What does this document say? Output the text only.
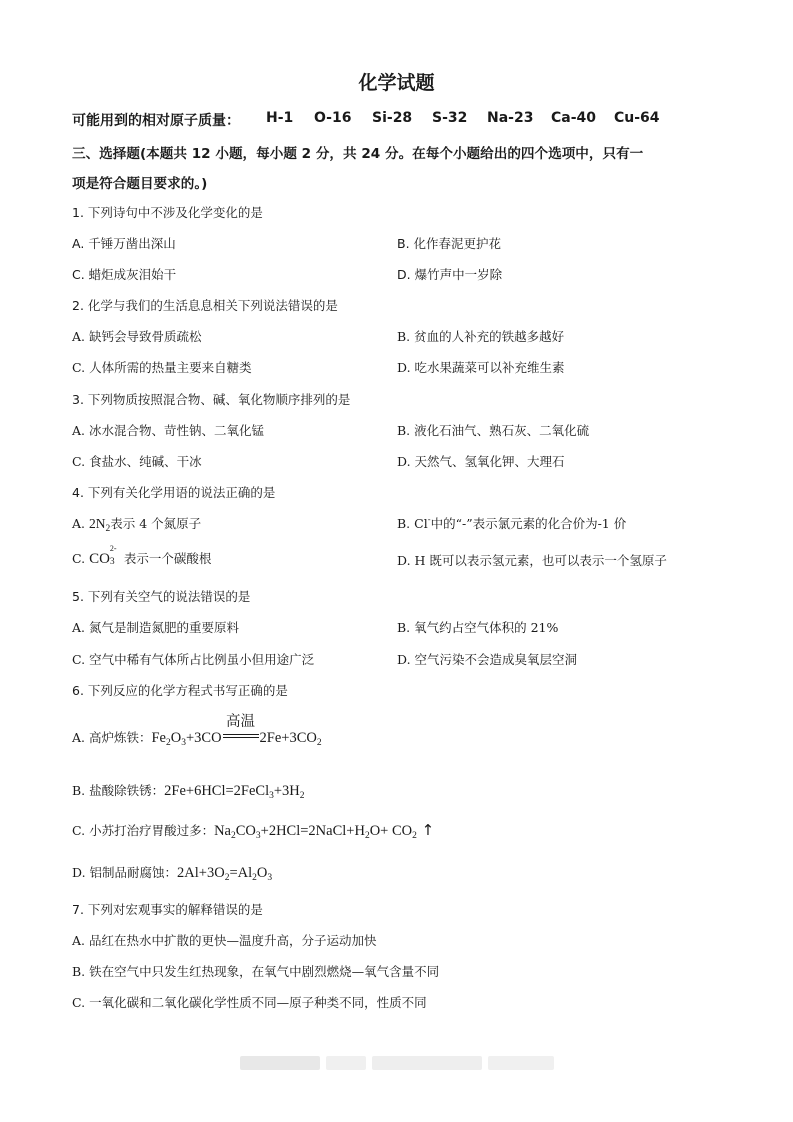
化学试题
可能用到的相对原子质量： H-1 O-16 Si-28 S-32 Na-23 Ca-40 Cu-64
三、选择题(本题共 12 小题，每小题 2 分，共 24 分。在每个小题给出的四个选项中，只有一
项是符合题目要求的。)
1. 下列诗句中不涉及化学变化的是
A. 千锤万凿出深山	B. 化作春泥更护花
C. 蜡炬成灰泪始干	D. 爆竹声中一岁除
2. 化学与我们的生活息息相关下列说法错误的是
A. 缺钙会导致骨质疏松	B. 贫血的人补充的铁越多越好
C. 人体所需的热量主要来自糖类	D. 吃水果蔬菜可以补充维生素
3. 下列物质按照混合物、碱、氧化物顺序排列的是
A. 冰水混合物、苛性钠、二氧化锰	B. 液化石油气、熟石灰、二氧化硫
C. 食盐水、纯碱、干冰	D. 天然气、氢氧化钾、大理石
4. 下列有关化学用语的说法正确的是
A. $2N_2$表示 4 个氮原子	B. Cl-中的“-”表示氯元素的化合价为-1 价
C. CO
2-
3 表示一个碳酸根	D. H 既可以表示氢元素，也可以表示一个氢原子
5. 下列有关空气的说法错误的是
A. 氮气是制造氮肥的重要原料	B. 氧气约占空气体积的 21%
C. 空气中稀有气体所占比例虽小但用途广泛	D. 空气污染不会造成臭氧层空洞
6. 下列反应的化学方程式书写正确的是
A. 高炉炼铁：$Fe_2O_3+3CO$
高温
$2Fe+3CO_2$
B. 盐酸除铁锈：$2Fe+6HCl=2FeCl_3+3H_2$
C. 小苏打治疗胃酸过多：$Na_2CO_3+2HCl=2NaCl+H_2O+ CO_2$ ↑
D. 铝制品耐腐蚀：$2Al+3O_2=Al_2O_3$
7. 下列对宏观事实的解释错误的是
A. 品红在热水中扩散的更快—温度升高，分子运动加快
B. 铁在空气中只发生红热现象，在氧气中剧烈燃烧—氧气含量不同
C. 一氧化碳和二氧化碳化学性质不同—原子种类不同，性质不同
